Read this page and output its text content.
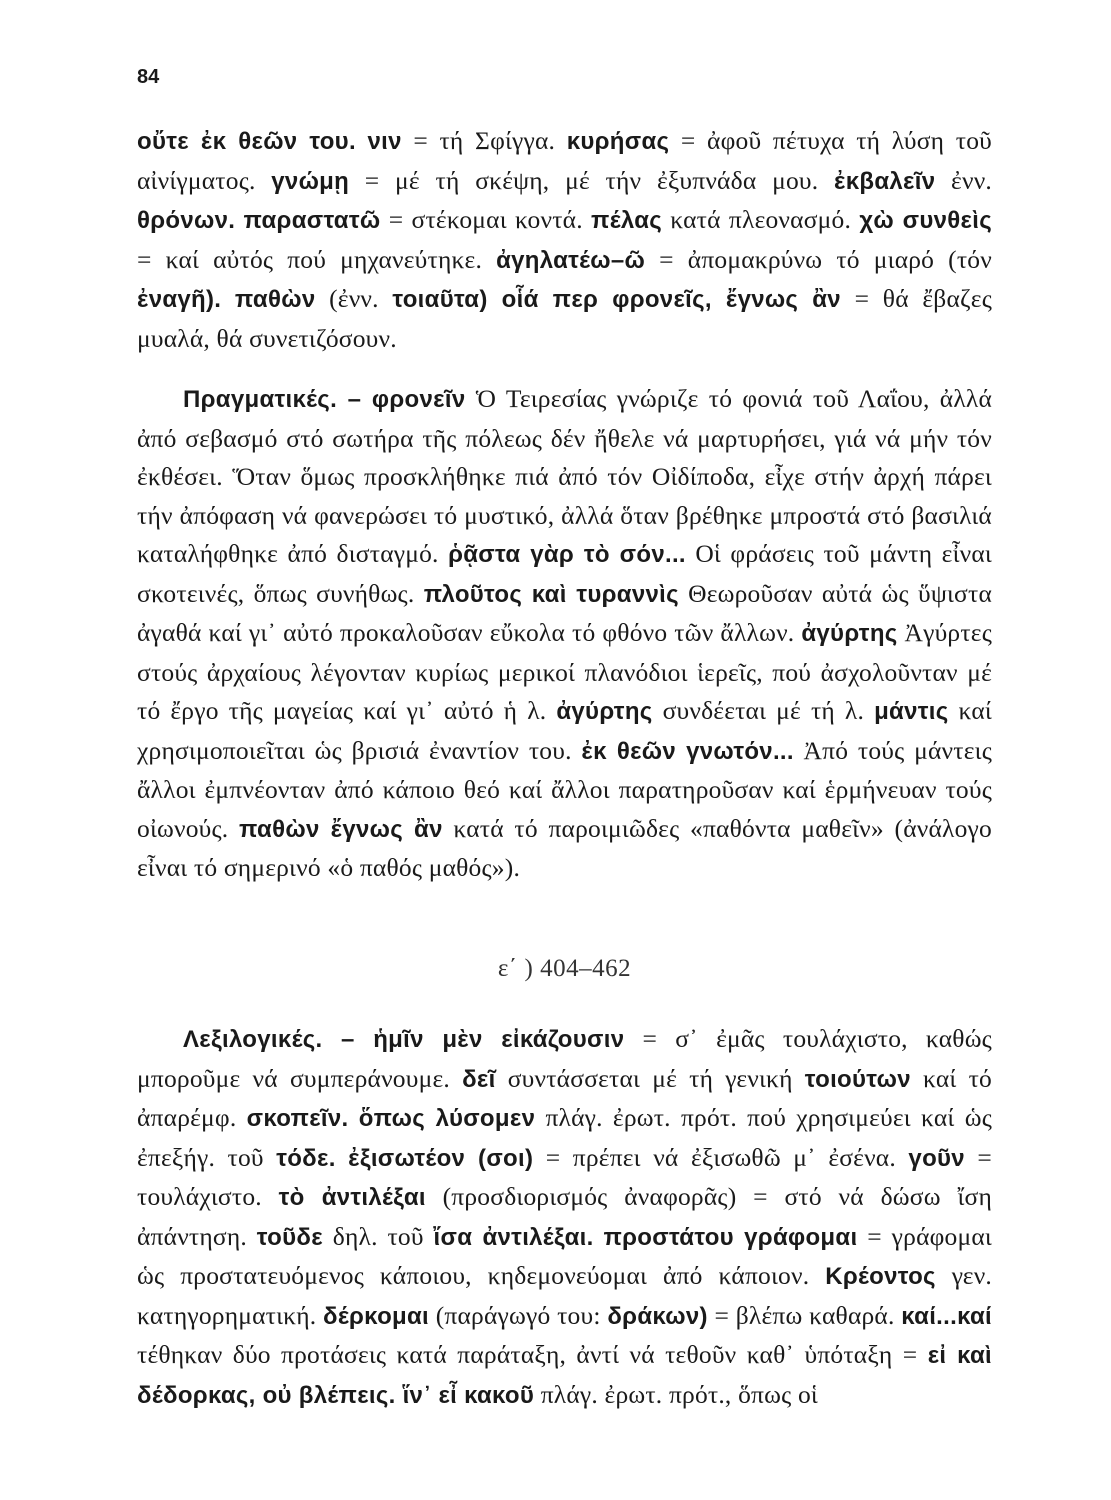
84
οὔτε ἐκ θεῶν του. νιν = τή Σφίγγα. κυρήσας = ἀφοῦ πέτυχα τή λύση τοῦ αἰνίγματος. γνώμῃ = μέ τή σκέψη, μέ τήν ἐξυπνάδα μου. ἐκβαλεῖν ἐνν. θρόνων. παραστατῶ = στέκομαι κοντά. πέλας κατά πλεονασμό. χὼ συνθεὶς = καί αὐτός πού μηχανεύτηκε. ἀγηλατέω–ῶ = ἀπομακρύνω τό μιαρό (τόν ἐναγῆ). παθὼν (ἐνν. τοιαῦτα) οἷά περ φρονεῖς, ἔγνως ἂν = θά ἔβαζες μυαλά, θά συνετιζόσουν.
Πραγματικές. – φρονεῖν Ὁ Τειρεσίας γνώριζε τό φονιά τοῦ Λαΐου, ἀλλά ἀπό σεβασμό στό σωτήρα τῆς πόλεως δέν ἤθελε νά μαρτυρήσει, γιά νά μήν τόν ἐκθέσει. Ὅταν ὅμως προσκλήθηκε πιά ἀπό τόν Οἰδίποδα, εἶχε στήν ἀρχή πάρει τήν ἀπόφαση νά φανερώσει τό μυστικό, ἀλλά ὅταν βρέθηκε μπροστά στό βασιλιά καταλήφθηκε ἀπό δισταγμό. ῥᾷστα γὰρ τὸ σόν... Οἱ φράσεις τοῦ μάντη εἶναι σκοτεινές, ὅπως συνήθως. πλοῦτος καὶ τυραννὶς Θεωροῦσαν αὐτά ὡς ὕψιστα ἀγαθά καί γι᾽ αὐτό προκαλοῦσαν εὔκολα τό φθόνο τῶν ἄλλων. ἀγύρτης Ἀγύρτες στούς ἀρχαίους λέγονταν κυρίως μερικοί πλανόδιοι ἱερεῖς, πού ἀσχολοῦνταν μέ τό ἔργο τῆς μαγείας καί γι᾽ αὐτό ἡ λ. ἀγύρτης συνδέεται μέ τή λ. μάντις καί χρησιμοποιεῖται ὡς βρισιά ἐναντίον του. ἐκ θεῶν γνωτόν... Ἀπό τούς μάντεις ἄλλοι ἐμπνέονταν ἀπό κάποιο θεό καί ἄλλοι παρατηροῦσαν καί ἑρμήνευαν τούς οἰωνούς. παθὼν ἔγνως ἂν κατά τό παροιμιῶδες «παθόντα μαθεῖν» (ἀνάλογο εἶναι τό σημερινό «ὁ παθός μαθός»).
ε΄ ) 404–462
Λεξιλογικές. – ἡμῖν μὲν εἰκάζουσιν = σ᾽ ἐμᾶς τουλάχιστο, καθώς μποροῦμε νά συμπεράνουμε. δεῖ συντάσσεται μέ τή γενική τοιούτων καί τό ἀπαρέμφ. σκοπεῖν. ὅπως λύσομεν πλάγ. ἐρωτ. πρότ. πού χρησιμεύει καί ὡς ἐπεξήγ. τοῦ τόδε. ἐξισωτέον (σοι) = πρέπει νά ἐξισωθῶ μ᾽ ἐσένα. γοῦν = τουλάχιστο. τὸ ἀντιλέξαι (προσδιορισμός ἀναφορᾶς) = στό νά δώσω ἴση ἀπάντηση. τοῦδε δηλ. τοῦ ἴσα ἀντιλέξαι. προστάτου γράφομαι = γράφομαι ὡς προστατευόμενος κάποιου, κηδεμονεύομαι ἀπό κάποιον. Κρέοντος γεν. κατηγορηματική. δέρκομαι (παράγωγό του: δράκων) = βλέπω καθαρά. καί...καί τέθηκαν δύο προτάσεις κατά παράταξη, ἀντί νά τεθοῦν καθ᾽ ὑπόταξη = εἰ καὶ δέδορκας, οὐ βλέπεις. ἵν᾽ εἶ κακοῦ πλάγ. ἐρωτ. πρότ., ὅπως οἱ
